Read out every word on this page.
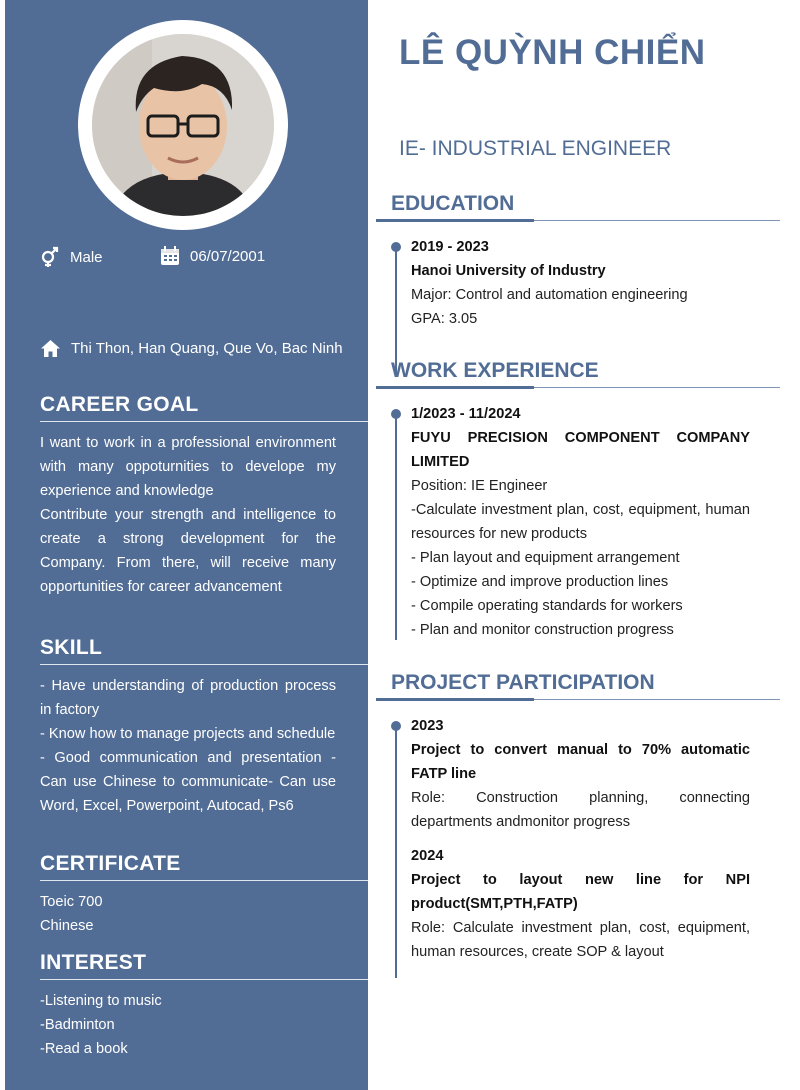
Male	06/07/2001
Thi Thon, Han Quang, Que Vo, Bac Ninh
CAREER GOAL
I want to work in a professional environment with many oppoturnities to develope my experience and knowledge
Contribute your strength and intelligence to create a strong development for the Company. From there, will receive many opportunities for career advancement
SKILL
- Have understanding of production process in factory
- Know how to manage projects and schedule
- Good communication and presentation - Can use Chinese to communicate- Can use Word, Excel, Powerpoint, Autocad, Ps6
CERTIFICATE
Toeic 700
Chinese
INTEREST
-Listening to music
-Badminton
-Read a book
LÊ QUỲNH CHIỂN
IE- INDUSTRIAL ENGINEER
EDUCATION
2019 - 2023
Hanoi University of Industry
Major: Control and automation engineering
GPA: 3.05
WORK EXPERIENCE
1/2023 - 11/2024
FUYU PRECISION COMPONENT COMPANY LIMITED
Position: IE Engineer
-Calculate investment plan, cost, equipment, human resources for new products
- Plan layout and equipment arrangement
- Optimize and improve production lines
- Compile operating standards for workers
- Plan and monitor construction progress
PROJECT PARTICIPATION
2023
Project to convert manual to 70% automatic FATP line
Role: Construction planning, connecting departments andmonitor progress
2024
Project to layout new line for NPI product(SMT,PTH,FATP)
Role: Calculate investment plan, cost, equipment, human resources, create SOP & layout
